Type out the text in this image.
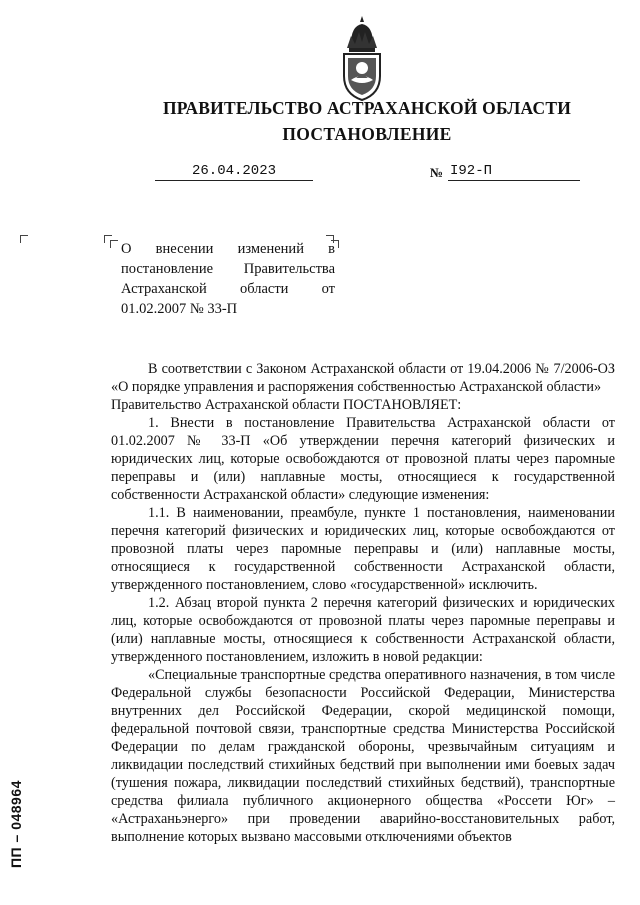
ПРАВИТЕЛЬСТВО АСТРАХАНСКОЙ ОБЛАСТИ
ПОСТАНОВЛЕНИЕ
26.04.2023	№ I92-П
О внесении изменений в постановление Правительства Астраханской области от 01.02.2007 № 33-П

В соответствии с Законом Астраханской области от 19.04.2006 № 7/2006-ОЗ «О порядке управления и распоряжения собственностью Астраханской области»

Правительство Астраханской области ПОСТАНОВЛЯЕТ:

1. Внести в постановление Правительства Астраханской области от 01.02.2007 № 33-П «Об утверждении перечня категорий физических и юридических лиц, которые освобождаются от провозной платы через паромные переправы и (или) наплавные мосты, относящиеся к государственной собственности Астраханской области» следующие изменения:

1.1. В наименовании, преамбуле, пункте 1 постановления, наименовании перечня категорий физических и юридических лиц, которые освобождаются от провозной платы через паромные переправы и (или) наплавные мосты, относящиеся к государственной собственности Астраханской области, утвержденного постановлением, слово «государственной» исключить.

1.2. Абзац второй пункта 2 перечня категорий физических и юридических лиц, которые освобождаются от провозной платы через паромные переправы и (или) наплавные мосты, относящиеся к собственности Астраханской области, утвержденного постановлением, изложить в новой редакции:

«Специальные транспортные средства оперативного назначения, в том числе Федеральной службы безопасности Российской Федерации, Министерства внутренних дел Российской Федерации, скорой медицинской помощи, федеральной почтовой связи, транспортные средства Министерства Российской Федерации по делам гражданской обороны, чрезвычайным ситуациям и ликвидации последствий стихийных бедствий при выполнении ими боевых задач (тушения пожара, ликвидации последствий стихийных бедствий), транспортные средства филиала публичного акционерного общества «Россети Юг» – «Астраханьэнерго» при проведении аварийно-восстановительных работ, выполнение которых вызвано массовыми отключениями объектов

ПП – 048964
